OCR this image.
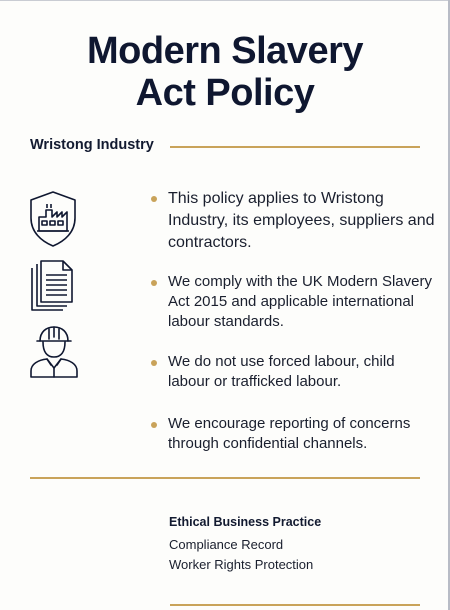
Modern Slavery
Act Policy
Wristong Industry
This policy applies to Wristong Industry, its employees, suppliers and contractors.
We comply with the UK Modern Slavery Act 2015 and applicable international labour standards.
We do not use forced labour, child labour or trafficked labour.
We encourage reporting of concerns through confidential channels.
Ethical Business Practice
Compliance Record
Worker Rights Protection
